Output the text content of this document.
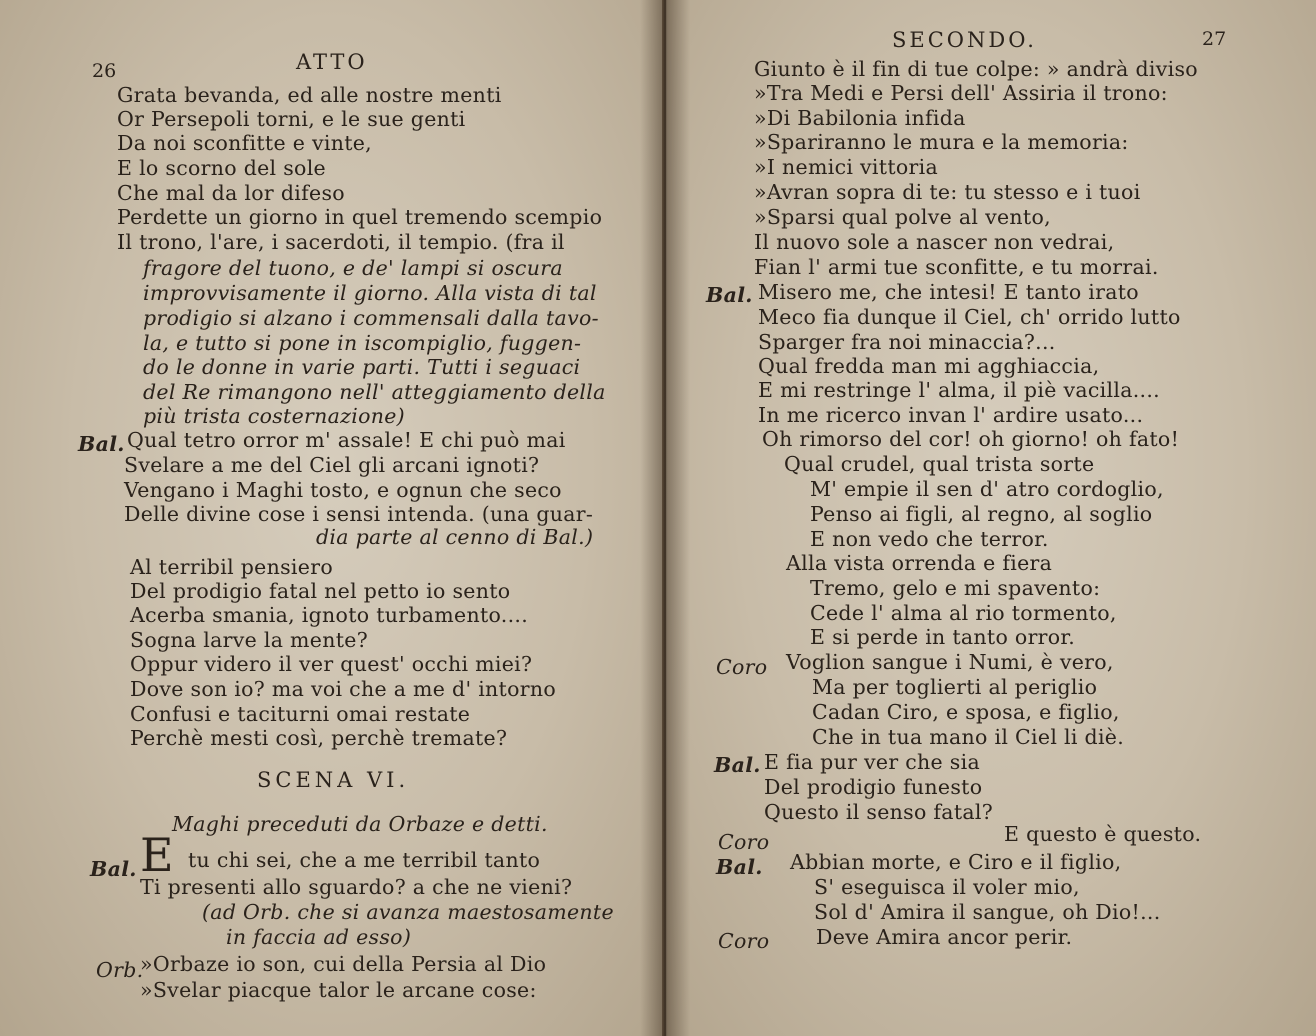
26	ATTO
Grata bevanda, ed alle nostre menti
Or Persepoli torni, e le sue genti
Da noi sconfitte e vinte,
E lo scorno del sole
Che mal da lor difeso
Perdette un giorno in quel tremendo scempio
Il trono, l'are, i sacerdoti, il tempio. (fra il
fragore del tuono, e de' lampi si oscura
improvvisamente il giorno. Alla vista di tal
prodigio si alzano i commensali dalla tavo-
la, e tutto si pone in iscompiglio, fuggen-
do le donne in varie parti. Tutti i seguaci
del Re rimangono nell' atteggiamento della
più trista costernazione)
Bal. Qual tetro orror m' assale! E chi può mai
Svelare a me del Ciel gli arcani ignoti?
Vengano i Maghi tosto, e ognun che seco
Delle divine cose i sensi intenda. (una guar-
dia parte al cenno di Bal.)
Al terribil pensiero
Del prodigio fatal nel petto io sento
Acerba smania, ignoto turbamento....
Sogna larve la mente?
Oppur videro il ver quest' occhi miei?
Dove son io? ma voi che a me d' intorno
Confusi e taciturni omai restate
Perchè mesti così, perchè tremate?
SCENA VI.
Maghi preceduti da Orbaze e detti.
Bal. E tu chi sei, che a me terribil tanto
Ti presenti allo sguardo? a che ne vieni?
(ad Orb. che si avanza maestosamente
in faccia ad esso)
Orb.
»Orbaze io son, cui della Persia al Dio
»Svelar piacque talor le arcane cose:
SECONDO.	27
Giunto è il fin di tue colpe: » andrà diviso
»Tra Medi e Persi dell' Assiria il trono:
»Di Babilonia infida
»Spariranno le mura e la memoria:
»I nemici vittoria
»Avran sopra di te: tu stesso e i tuoi
»Sparsi qual polve al vento,
Il nuovo sole a nascer non vedrai,
Fian l' armi tue sconfitte, e tu morrai.
Bal. Misero me, che intesi! E tanto irato
Meco fia dunque il Ciel, ch' orrido lutto
Sparger fra noi minaccia?...
Qual fredda man mi agghiaccia,
E mi restringe l' alma, il piè vacilla....
In me ricerco invan l' ardire usato...
Oh rimorso del cor! oh giorno! oh fato!
Qual crudel, qual trista sorte
M' empie il sen d' atro cordoglio,
Penso ai figli, al regno, al soglio
E non vedo che terror.
Alla vista orrenda e fiera
Tremo, gelo e mi spavento:
Cede l' alma al rio tormento,
E si perde in tanto orror.
Coro Voglion sangue i Numi, è vero,
Ma per toglierti al periglio
Cadan Ciro, e sposa, e figlio,
Che in tua mano il Ciel li diè.
Bal. E fia pur ver che sia
Del prodigio funesto
Questo il senso fatal?
Coro	E questo è questo.
Bal. Abbian morte, e Ciro e il figlio,
S' eseguisca il voler mio,
Sol d' Amira il sangue, oh Dio!...
Coro Deve Amira ancor perir.
